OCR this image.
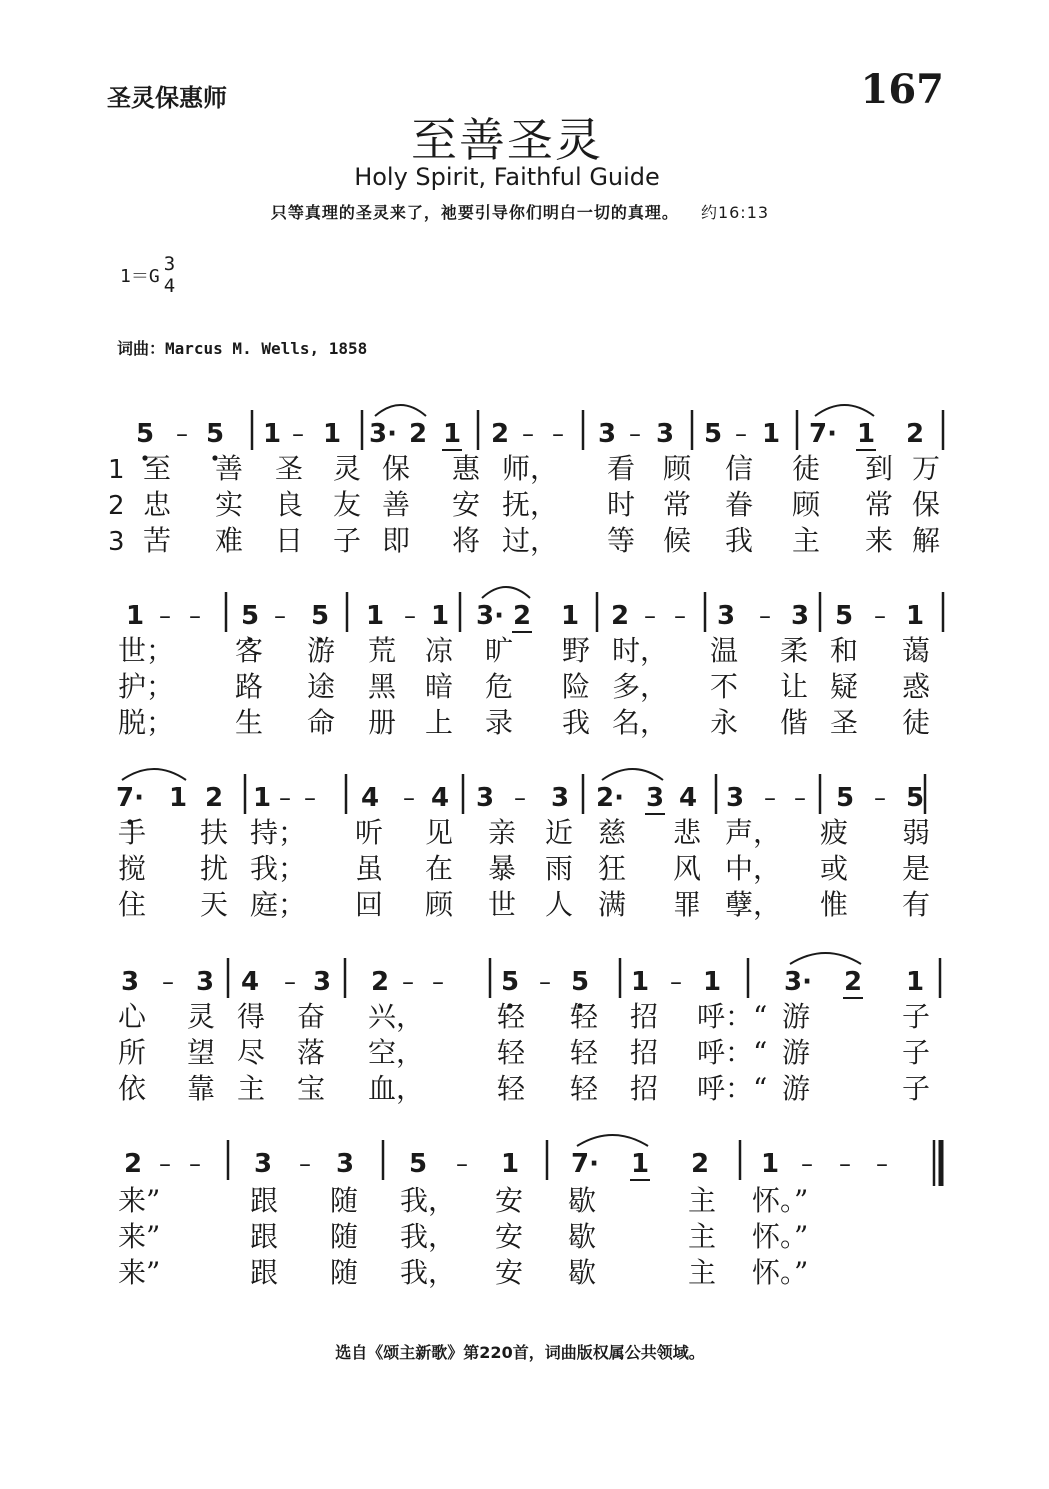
圣灵保惠师	167
至善圣灵
Holy Spirit, Faithful Guide
只等真理的圣灵来了，祂要引导你们明白一切的真理。 约16:13
1＝G
3
4
词曲：Marcus M. Wells, 1858
5 – 5 1 – 1 3· 2 1 2 – – 3 – 3 5 – 1 7· 1 2
1 至 善 圣 灵 保 惠 师， 看 顾 信 徒 到 万
2 忠 实 良 友 善 安 抚， 时 常 眷 顾 常 保
3 苦 难 日 子 即 将 过， 等 候 我 主 来 解
1 – – 5 – 5 1 – 1 3· 2 1 2 – – 3 – 3 5 – 1
世； 客 游 荒 凉 旷 野 时， 温 柔 和 蔼
护； 路 途 黑 暗 危 险 多， 不 让 疑 惑
脱； 生 命 册 上 录 我 名， 永 偕 圣 徒
7· 1 2 1 – – 4 – 4 3 – 3 2· 3 4 3 – – 5 – 5
手 扶 持； 听 见 亲 近 慈 悲 声， 疲 弱
搅 扰 我； 虽 在 暴 雨 狂 风 中， 或 是
住 天 庭； 回 顾 世 人 满 罪 孽， 惟 有
3 – 3 4 – 3 2 – – 5 – 5 1 – 1 3· 2 1
心 灵 得 奋 兴，	轻 轻 招 呼：“ 游	子
所 望 尽 落 空，	轻 轻 招 呼：“ 游	子
依 靠 主 宝 血，	轻 轻 招 呼：“ 游	子
2 – – 3 – 3 5 – 1 7· 1 2 1 – – –
来”	跟 随 我， 安 歇	主 怀。”
来”	跟 随 我， 安 歇	主 怀。”
来”	跟 随 我， 安 歇	主 怀。”
选自《颂主新歌》第220首，词曲版权属公共领域。
